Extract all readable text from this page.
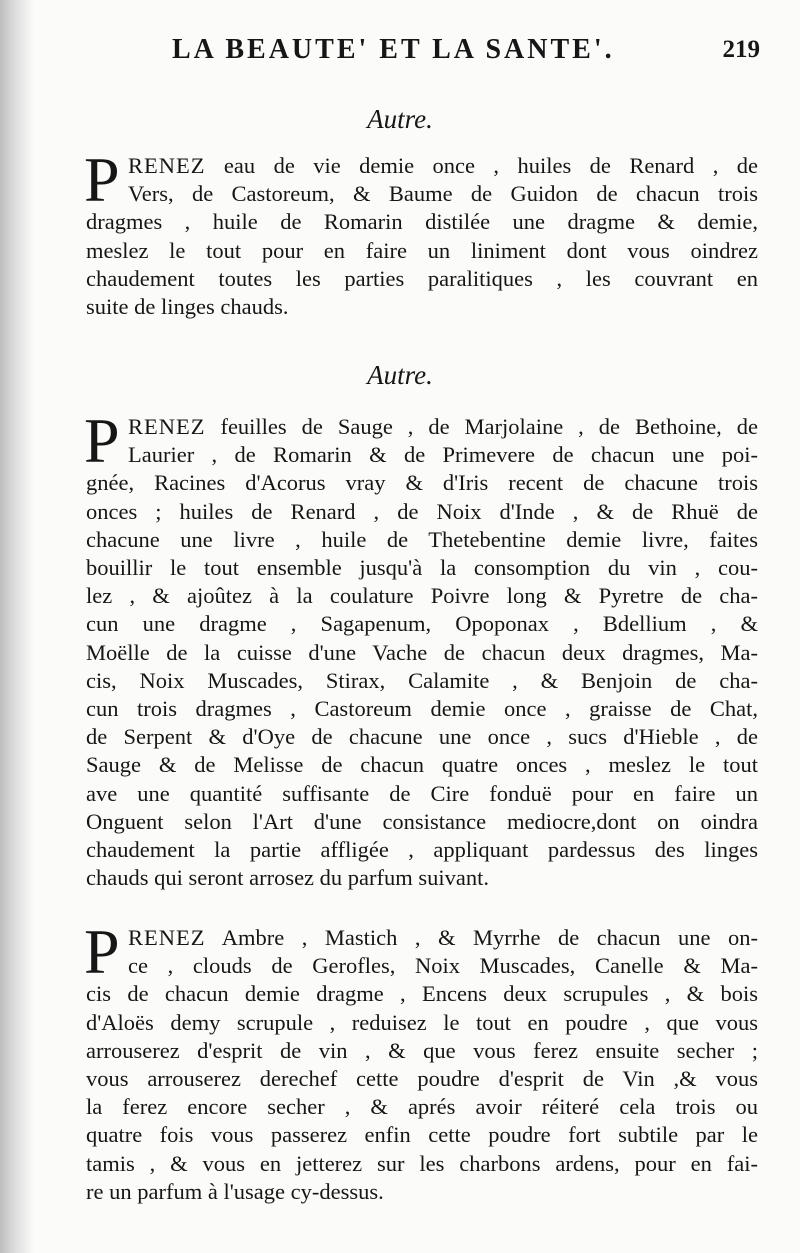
LA BEAUTE' ET LA SANTE'.	219
Autre.
P RENEZ eau de vie demie once , huiles de Renard , de
Vers, de Castoreum, & Baume de Guidon de chacun trois
dragmes , huile de Romarin distilée une dragme & demie,
meslez le tout pour en faire un liniment dont vous oindrez
chaudement toutes les parties paralitiques , les couvrant en
suite de linges chauds.
Autre.
P RENEZ feuilles de Sauge , de Marjolaine , de Bethoine, de
Laurier , de Romarin & de Primevere de chacun une poi-
gnée, Racines d'Acorus vray & d'Iris recent de chacune trois
onces ; huiles de Renard , de Noix d'Inde , & de Rhuë de
chacune une livre , huile de Thetebentine demie livre, faites
bouillir le tout ensemble jusqu'à la consomption du vin , cou-
lez , & ajoûtez à la coulature Poivre long & Pyretre de cha-
cun une dragme , Sagapenum, Opoponax , Bdellium , &
Moëlle de la cuisse d'une Vache de chacun deux dragmes, Ma-
cis, Noix Muscades, Stirax, Calamite , & Benjoin de cha-
cun trois dragmes , Castoreum demie once , graisse de Chat,
de Serpent & d'Oye de chacune une once , sucs d'Hieble , de
Sauge & de Melisse de chacun quatre onces , meslez le tout
ave une quantité suffisante de Cire fonduë pour en faire un
Onguent selon l'Art d'une consistance mediocre,dont on oindra
chaudement la partie affligée , appliquant pardessus des linges
chauds qui seront arrosez du parfum suivant.
P RENEZ Ambre , Mastich , & Myrrhe de chacun une on-
ce , clouds de Gerofles, Noix Muscades, Canelle & Ma-
cis de chacun demie dragme , Encens deux scrupules , & bois
d'Aloës demy scrupule , reduisez le tout en poudre , que vous
arrouserez d'esprit de vin , & que vous ferez ensuite secher ;
vous arrouserez derechef cette poudre d'esprit de Vin ,& vous
la ferez encore secher , & aprés avoir réiteré cela trois ou
quatre fois vous passerez enfin cette poudre fort subtile par le
tamis , & vous en jetterez sur les charbons ardens, pour en fai-
re un parfum à l'usage cy-dessus.
